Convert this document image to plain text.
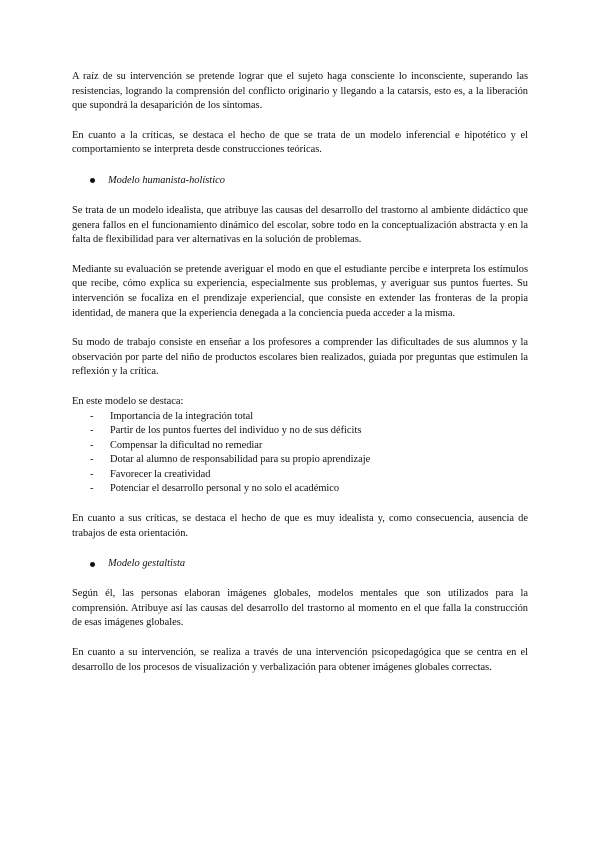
A raíz de su intervención se pretende lograr que el sujeto haga consciente lo inconsciente, superando las resistencias, logrando la comprensión del conflicto originario y llegando a la catarsis, esto es, a la liberación que supondrá la desaparición de los síntomas.

En cuanto a la críticas, se destaca el hecho de que se trata de un modelo inferencial e hipotético y el comportamiento se interpreta desde construcciones teóricas.

Modelo humanista-holístico

Se trata de un modelo idealista, que atribuye las causas del desarrollo del trastorno al ambiente didáctico que genera fallos en el funcionamiento dinámico del escolar, sobre todo en la conceptualización abstracta y en la falta de flexibilidad para ver alternativas en la solución de problemas.

Mediante su evaluación se pretende averiguar el modo en que el estudiante percibe e interpreta los estímulos que recibe, cómo explica su experiencia, especialmente sus problemas, y averiguar sus puntos fuertes. Su intervención se focaliza en el prendizaje experiencial, que consiste en extender las fronteras de la propia identidad, de manera que la experiencia denegada a la conciencia pueda acceder a la misma.

Su modo de trabajo consiste en enseñar a los profesores a comprender las dificultades de sus alumnos y la observación por parte del niño de productos escolares bien realizados, guiada por preguntas que estimulen la reflexión y la crítica.

En este modelo se destaca:

-	Importancia de la integración total
-	Partir de los puntos fuertes del individuo y no de sus déficits
-	Compensar la dificultad no remediar
-	Dotar al alumno de responsabilidad para su propio aprendizaje
-	Favorecer la creatividad
-	Potenciar el desarrollo personal y no solo el académico

En cuanto a sus críticas, se destaca el hecho de que es muy idealista y, como consecuencia, ausencia de trabajos de esta orientación.

Modelo gestaltista

Según él, las personas elaboran imágenes globales, modelos mentales que son utilizados para la comprensión. Atribuye así las causas del desarrollo del trastorno al momento en el que falla la construcción de esas imágenes globales.

En cuanto a su intervención, se realiza a través de una intervención psicopedagógica que se centra en el desarrollo de los procesos de visualización y verbalización para obtener imágenes globales correctas.
